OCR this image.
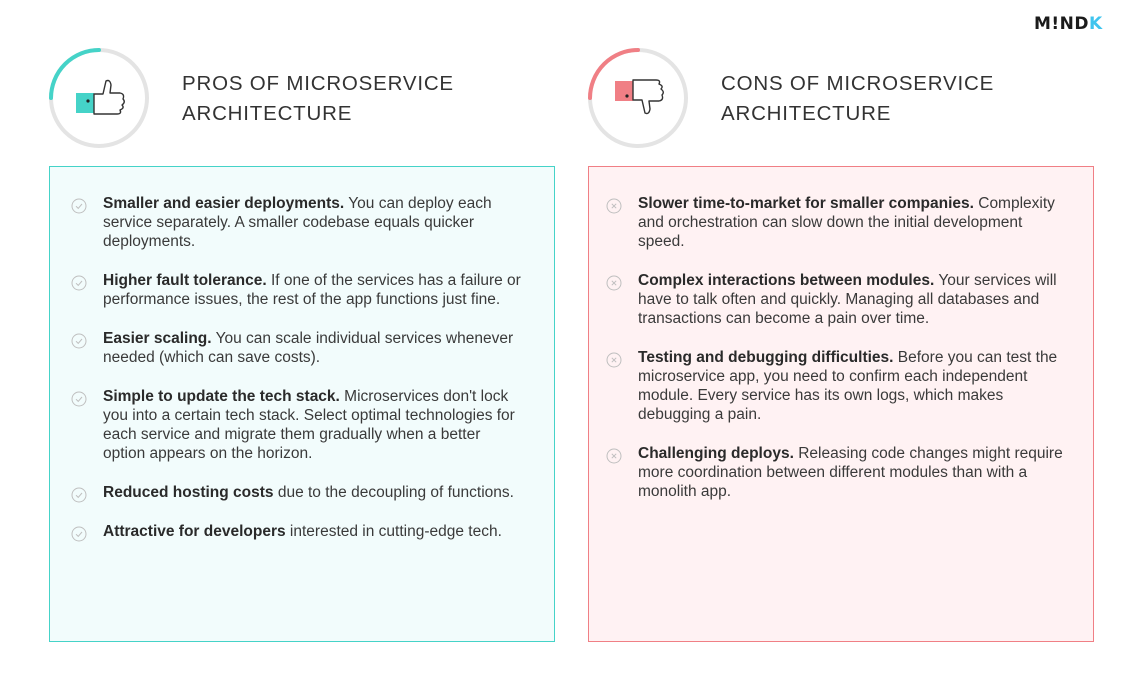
M!NDK
PROS OF MICROSERVICE
ARCHITECTURE
CONS OF MICROSERVICE
ARCHITECTURE
Smaller and easier deployments. You can deploy each service separately. A smaller codebase equals quicker deployments.
Higher fault tolerance. If one of the services has a failure or performance issues, the rest of the app functions just fine.
Easier scaling. You can scale individual services whenever needed (which can save costs).
Simple to update the tech stack. Microservices don't lock you into a certain tech stack. Select optimal technologies for each service and migrate them gradually when a better option appears on the horizon.
Reduced hosting costs due to the decoupling of functions.
Attractive for developers interested in cutting-edge tech.
Slower time-to-market for smaller companies. Complexity and orchestration can slow down the initial development speed.
Complex interactions between modules. Your services will have to talk often and quickly. Managing all databases and transactions can become a pain over time.
Testing and debugging difficulties. Before you can test the microservice app, you need to confirm each independent module. Every service has its own logs, which makes debugging a pain.
Challenging deploys. Releasing code changes might require more coordination between different modules than with a monolith app.
